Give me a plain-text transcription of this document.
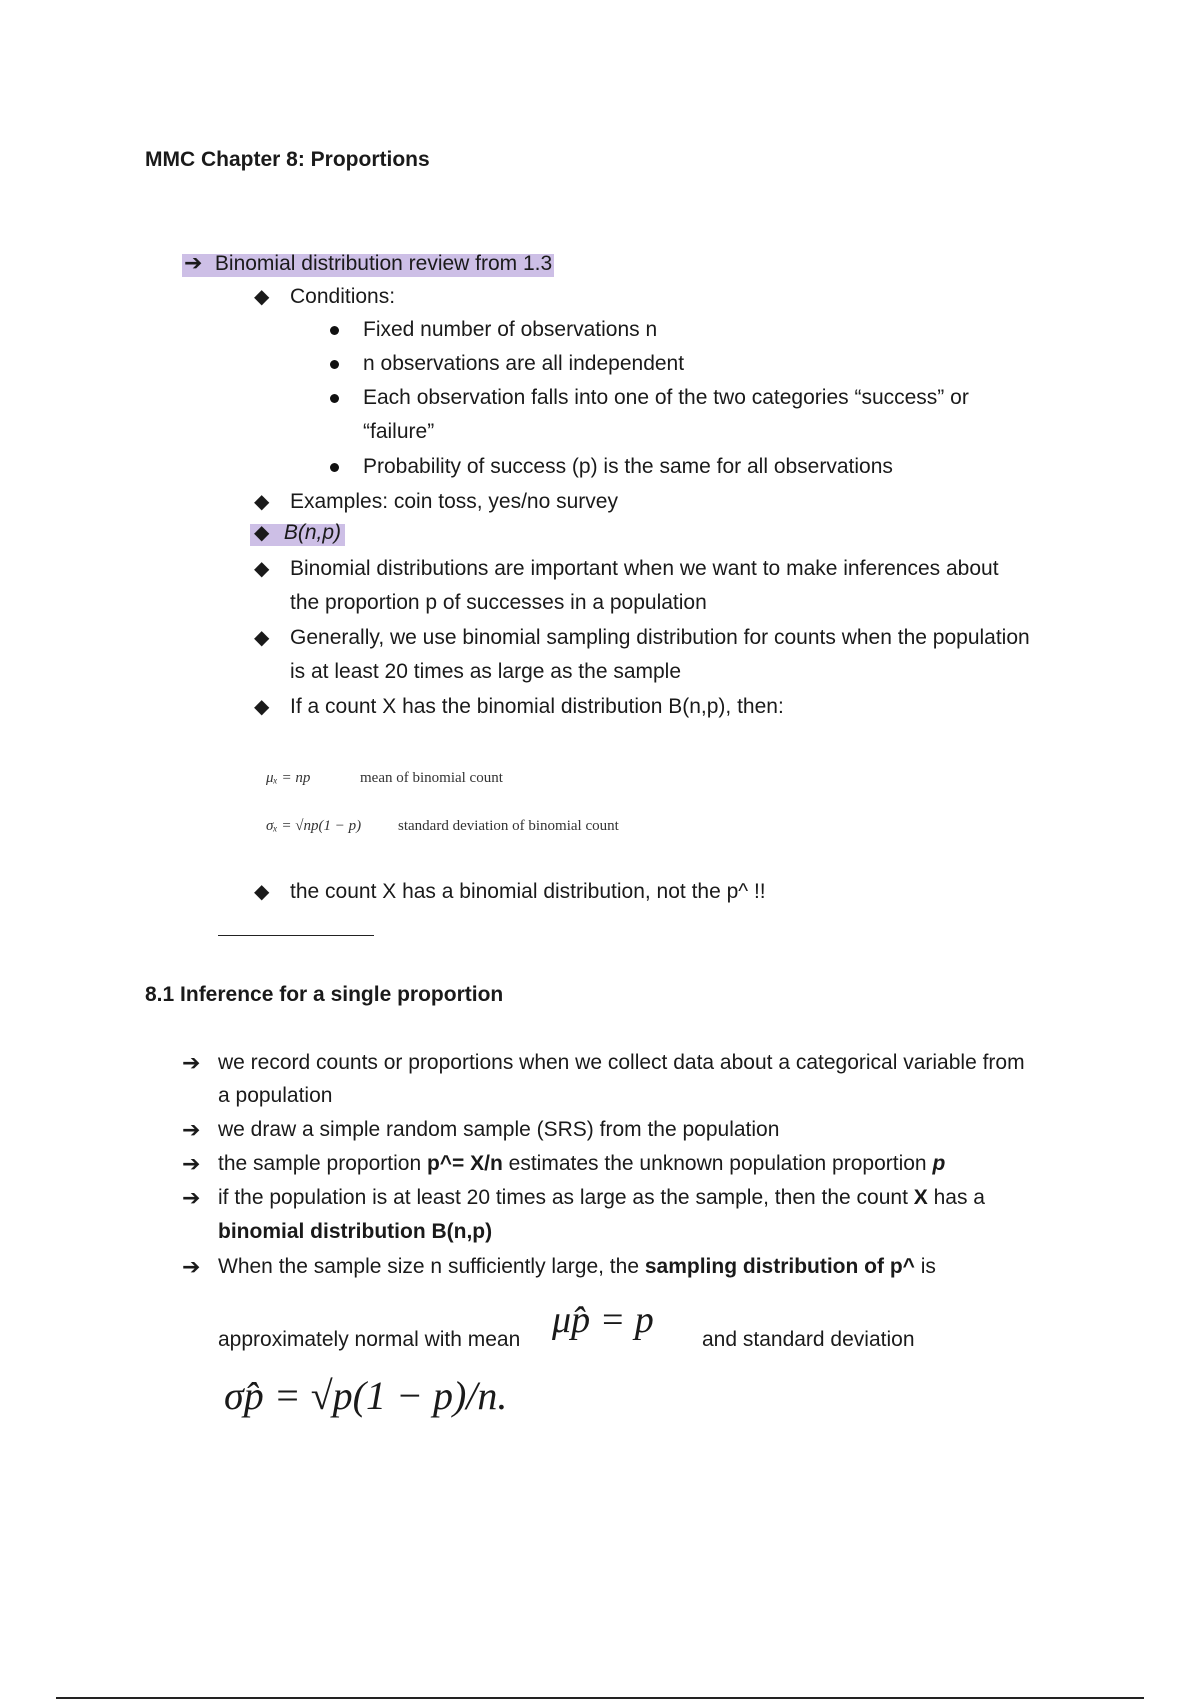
MMC Chapter 8: Proportions
➔ Binomial distribution review from 1.3
◆ Conditions:
Fixed number of observations n
n observations are all independent
Each observation falls into one of the two categories “success” or
“failure”
Probability of success (p) is the same for all observations
◆ Examples: coin toss, yes/no survey
◆ B(n,p)
◆ Binomial distributions are important when we want to make inferences about
the proportion p of successes in a population
◆ Generally, we use binomial sampling distribution for counts when the population
is at least 20 times as large as the sample
◆ If a count X has the binomial distribution B(n,p), then:
μₓ = np	mean of binomial count
σₓ = √np(1 − p) standard deviation of binomial count
◆ the count X has a binomial distribution, not the p^ !!
8.1 Inference for a single proportion
➔ we record counts or proportions when we collect data about a categorical variable from
a population
➔ we draw a simple random sample (SRS) from the population
➔ the sample proportion p^= X/n estimates the unknown population proportion p
➔ if the population is at least 20 times as large as the sample, then the count X has a
binomial distribution B(n,p)
➔ When the sample size n sufficiently large, the sampling distribution of p^ is
approximately normal with mean μp̂ = p and standard deviation
σp̂ = √p(1 − p)/n.
